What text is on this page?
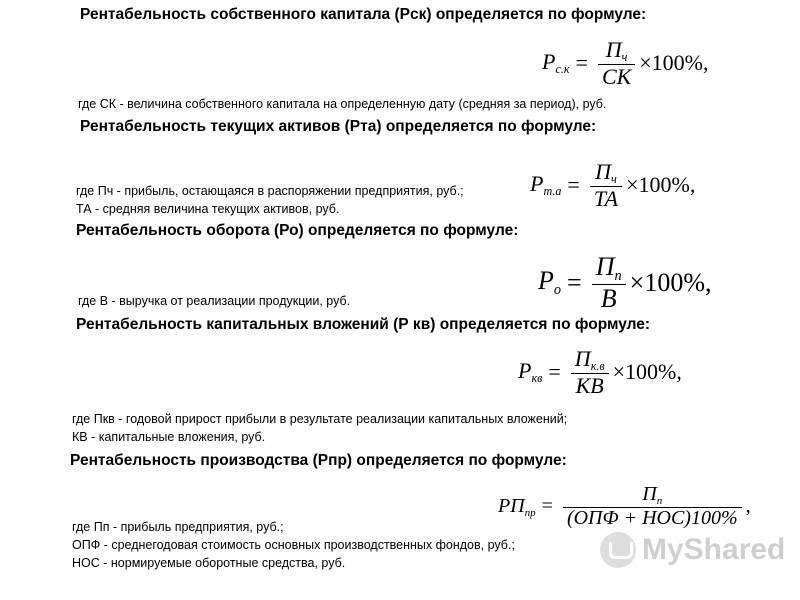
Рентабельность собственного капитала (Рск) определяется по формуле:
$P_{с.к} = \frac{П_ч}{СК} \times 100\%$,
где СК - величина собственного капитала на определенную дату (средняя за период), руб.
Рентабельность текущих активов (Рта) определяется по формуле:
$P_{т.а} = \frac{П_ч}{ТА} \times 100\%$,
где Пч - прибыль, остающаяся в распоряжении предприятия, руб.;
ТА - средняя величина текущих активов, руб.
Рентабельность оборота (Ро) определяется по формуле:
$P_о = \frac{П_п}{В} \times 100\%$,
где В - выручка от реализации продукции, руб.
Рентабельность капитальных вложений (Р кв) определяется по формуле:
$P_{кв} = \frac{П_{к.в}}{КВ} \times 100\%$,
где Пкв - годовой прирост прибыли в результате реализации капитальных вложений;
КВ - капитальные вложения, руб.
Рентабельность производства (Рпр) определяется по формуле:
$РП_{пр} = \frac{П_п}{\text{(ОПФ + НОС)100\%}}$ ,
где Пп - прибыль предприятия, руб.;
ОПФ - среднегодовая стоимость основных производственных фондов, руб.;
НОС - нормируемые оборотные средства, руб.	MyShared
